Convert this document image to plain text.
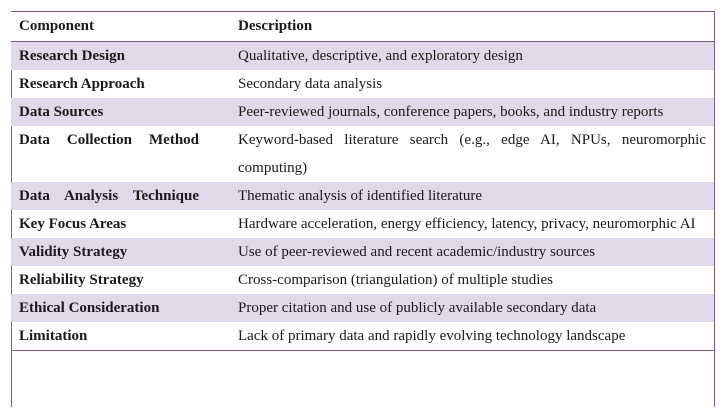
Component	Description
Research Design	Qualitative, descriptive, and exploratory design
Research Approach	Secondary data analysis
Data Sources	Peer-reviewed journals, conference papers, books, and industry reports
Data Collection Method	Keyword-based literature search (e.g., edge AI, NPUs, neuromorphic computing)
Data Analysis Technique	Thematic analysis of identified literature
Key Focus Areas	Hardware acceleration, energy efficiency, latency, privacy, neuromorphic AI
Validity Strategy	Use of peer-reviewed and recent academic/industry sources
Reliability Strategy	Cross-comparison (triangulation) of multiple studies
Ethical Consideration	Proper citation and use of publicly available secondary data
Limitation	Lack of primary data and rapidly evolving technology landscape
